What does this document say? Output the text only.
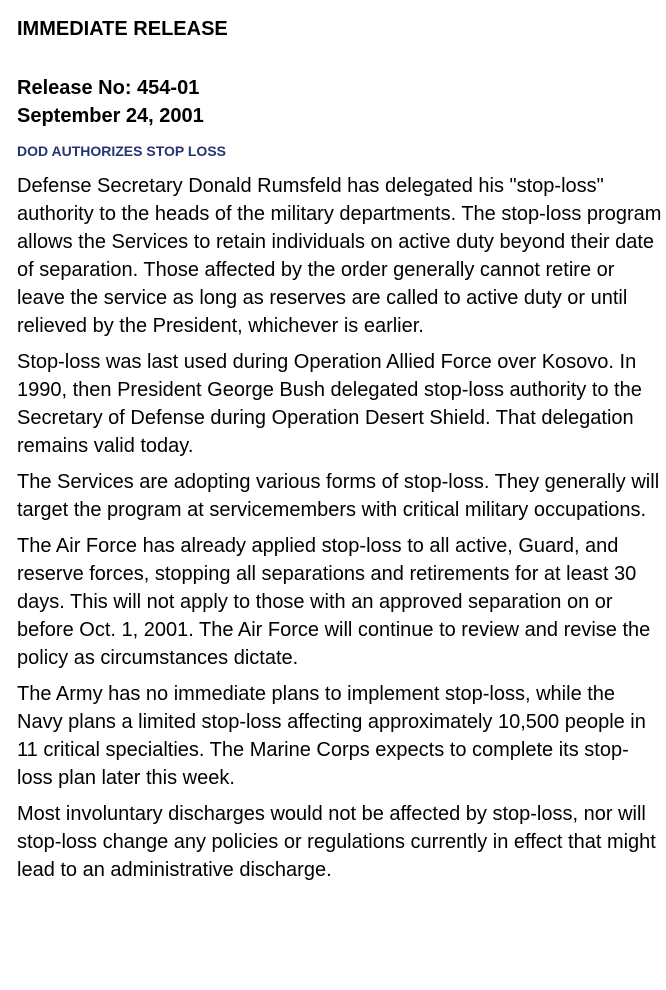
IMMEDIATE RELEASE
Release No: 454-01
September 24, 2001
DOD AUTHORIZES STOP LOSS

Defense Secretary Donald Rumsfeld has delegated his "stop-loss" authority to the heads of the military departments. The stop-loss program allows the Services to retain individuals on active duty beyond their date of separation. Those affected by the order generally cannot retire or leave the service as long as reserves are called to active duty or until relieved by the President, whichever is earlier.

Stop-loss was last used during Operation Allied Force over Kosovo. In 1990, then President George Bush delegated stop-loss authority to the Secretary of Defense during Operation Desert Shield. That delegation remains valid today.

The Services are adopting various forms of stop-loss. They generally will target the program at servicemembers with critical military occupations.

The Air Force has already applied stop-loss to all active, Guard, and reserve forces, stopping all separations and retirements for at least 30 days. This will not apply to those with an approved separation on or before Oct. 1, 2001. The Air Force will continue to review and revise the policy as circumstances dictate.

The Army has no immediate plans to implement stop-loss, while the Navy plans a limited stop-loss affecting approximately 10,500 people in 11 critical specialties. The Marine Corps expects to complete its stop-loss plan later this week.

Most involuntary discharges would not be affected by stop-loss, nor will stop-loss change any policies or regulations currently in effect that might lead to an administrative discharge.
